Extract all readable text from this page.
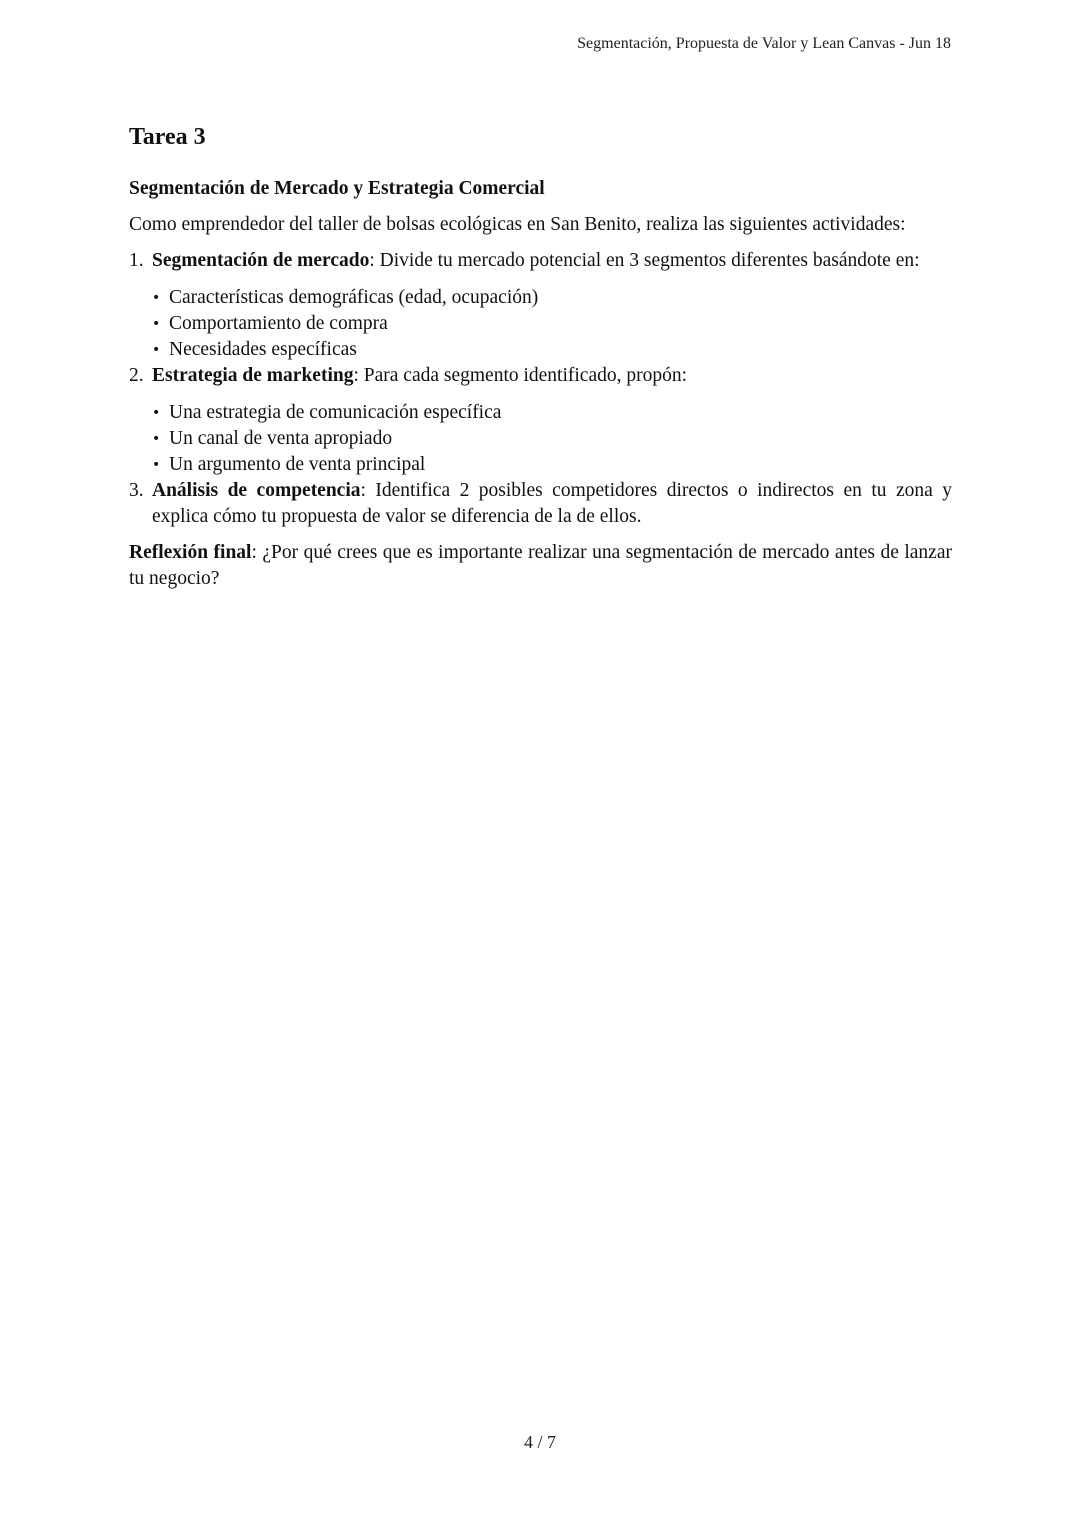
Segmentación, Propuesta de Valor y Lean Canvas - Jun 18
Tarea 3
Segmentación de Mercado y Estrategia Comercial

Como emprendedor del taller de bolsas ecológicas en San Benito, realiza las siguientes actividades:

1. Segmentación de mercado: Divide tu mercado potencial en 3 segmentos diferentes basándote en:
• Características demográficas (edad, ocupación)
• Comportamiento de compra
• Necesidades específicas
2. Estrategia de marketing: Para cada segmento identificado, propón:
• Una estrategia de comunicación específica
• Un canal de venta apropiado
• Un argumento de venta principal
3. Análisis de competencia: Identifica 2 posibles competidores directos o indirectos en tu zona y explica cómo tu propuesta de valor se diferencia de la de ellos.

Reflexión final: ¿Por qué crees que es importante realizar una segmentación de mercado antes de lanzar tu negocio?

4 / 7
